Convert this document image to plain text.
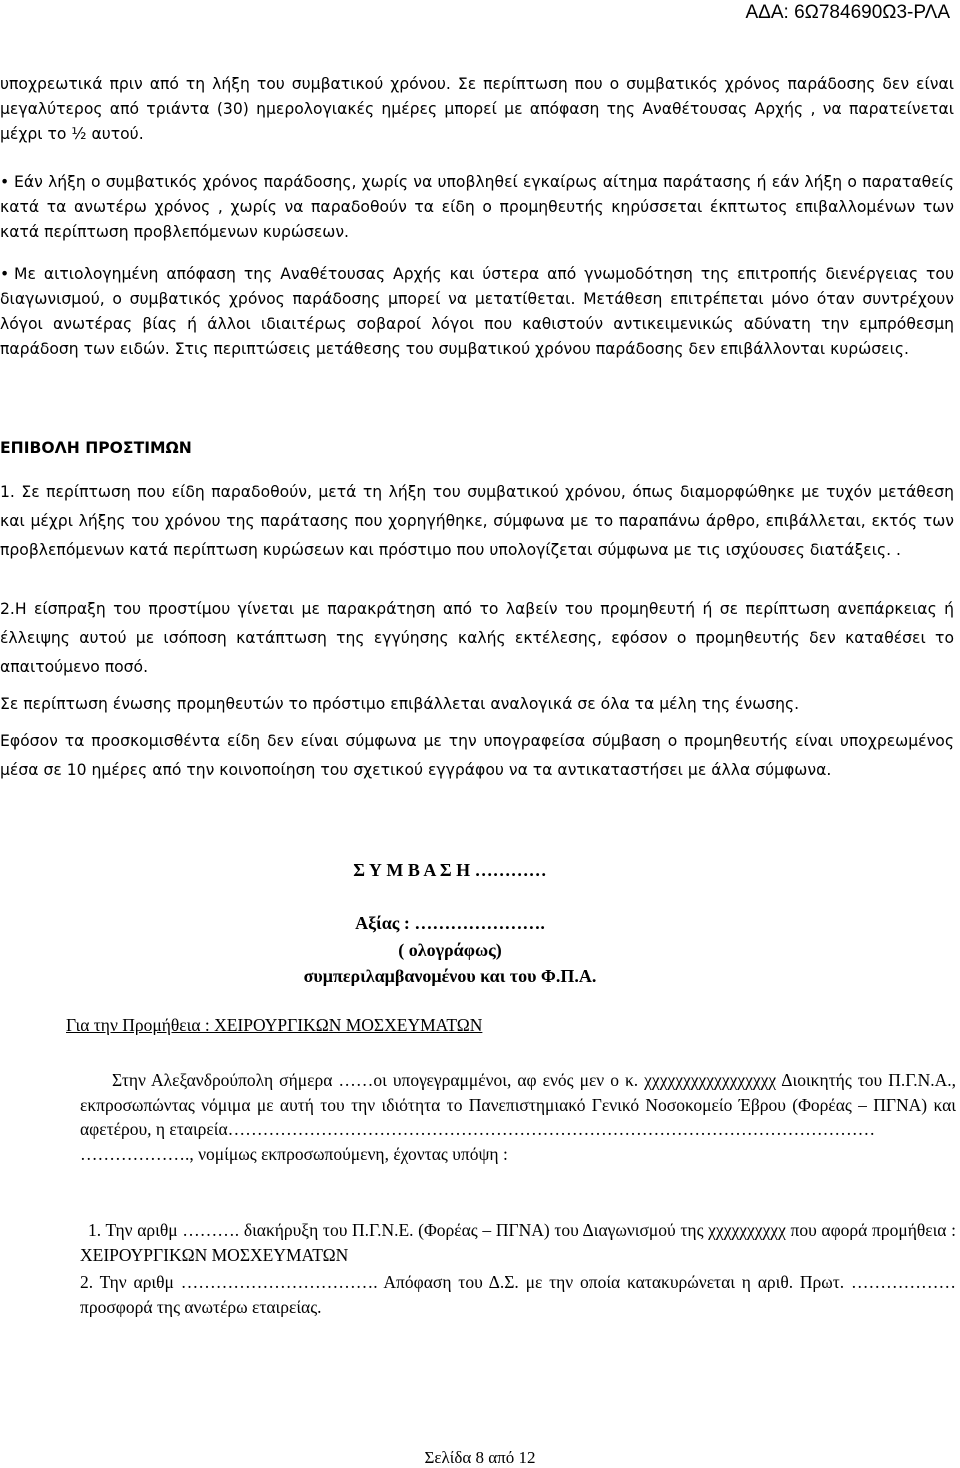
ΑΔΑ: 6Ω784690Ω3-ΡΛΑ
υποχρεωτικά πριν από τη λήξη του συμβατικού χρόνου. Σε περίπτωση που ο συμβατικός χρόνος παράδοσης δεν είναι μεγαλύτερος από τριάντα (30) ημερολογιακές ημέρες μπορεί με απόφαση της Αναθέτουσας Αρχής , να παρατείνεται μέχρι το ½ αυτού.
• Εάν λήξη ο συμβατικός χρόνος παράδοσης, χωρίς να υποβληθεί εγκαίρως αίτημα παράτασης ή εάν λήξη ο παραταθείς κατά τα ανωτέρω χρόνος , χωρίς να παραδοθούν τα είδη ο προμηθευτής κηρύσσεται έκπτωτος επιβαλλομένων των κατά περίπτωση προβλεπόμενων κυρώσεων.
• Με αιτιολογημένη απόφαση της Αναθέτουσας Αρχής και ύστερα από γνωμοδότηση της επιτροπής διενέργειας του διαγωνισμού, ο συμβατικός χρόνος παράδοσης μπορεί να μετατίθεται. Μετάθεση επιτρέπεται μόνο όταν συντρέχουν λόγοι ανωτέρας βίας ή άλλοι ιδιαιτέρως σοβαροί λόγοι που καθιστούν αντικειμενικώς αδύνατη την εμπρόθεσμη παράδοση των ειδών. Στις περιπτώσεις μετάθεσης του συμβατικού χρόνου παράδοσης δεν επιβάλλονται κυρώσεις.
ΕΠΙΒΟΛΗ ΠΡΟΣΤΙΜΩΝ
1. Σε περίπτωση που είδη παραδοθούν, μετά τη λήξη του συμβατικού χρόνου, όπως διαμορφώθηκε με τυχόν μετάθεση και μέχρι λήξης του χρόνου της παράτασης που χορηγήθηκε, σύμφωνα με το παραπάνω άρθρο, επιβάλλεται, εκτός των προβλεπόμενων κατά περίπτωση κυρώσεων και πρόστιμο που υπολογίζεται σύμφωνα με τις ισχύουσες διατάξεις. .
2.Η είσπραξη του προστίμου γίνεται με παρακράτηση από το λαβείν του προμηθευτή ή σε περίπτωση ανεπάρκειας ή έλλειψης αυτού με ισόποση κατάπτωση της εγγύησης καλής εκτέλεσης, εφόσον ο προμηθευτής δεν καταθέσει το απαιτούμενο ποσό.
Σε περίπτωση ένωσης προμηθευτών το πρόστιμο επιβάλλεται αναλογικά σε όλα τα μέλη της ένωσης.
Εφόσον τα προσκομισθέντα είδη δεν είναι σύμφωνα με την υπογραφείσα σύμβαση ο προμηθευτής είναι υποχρεωμένος μέσα σε 10 ημέρες από την κοινοποίηση του σχετικού εγγράφου να τα αντικαταστήσει με άλλα σύμφωνα.
Σ Υ Μ Β Α Σ Η …………
Αξίας : ………………….
( ολογράφως)
συμπεριλαμβανομένου και του Φ.Π.Α.
Για την Προμήθεια : ΧΕΙΡΟΥΡΓΙΚΩΝ ΜΟΣΧΕΥΜΑΤΩΝ
Στην Αλεξανδρούπολη σήμερα ……οι υπογεγραμμένοι, αφ ενός μεν ο κ. χχχχχχχχχχχχχχχχχ Διοικητής του Π.Γ.Ν.Α., εκπροσωπώντας νόμιμα με αυτή του την ιδιότητα το Πανεπιστημιακό Γενικό Νοσοκομείο Έβρου (Φορέας – ΠΓΝΑ) και αφετέρου, η εταιρεία…………………………………………………………………………………………………
………………., νομίμως εκπροσωπούμενη, έχοντας υπόψη :
1. Την αριθμ ………. διακήρυξη του Π.Γ.Ν.Ε. (Φορέας – ΠΓΝΑ) του Διαγωνισμού της χχχχχχχχχχ που αφορά προμήθεια : ΧΕΙΡΟΥΡΓΙΚΩΝ ΜΟΣΧΕΥΜΑΤΩΝ
2. Την αριθμ ……………………………. Απόφαση του Δ.Σ. με την οποία κατακυρώνεται η αριθ. Πρωτ. ……………… προσφορά της ανωτέρω εταιρείας.
Σελίδα 8 από 12
